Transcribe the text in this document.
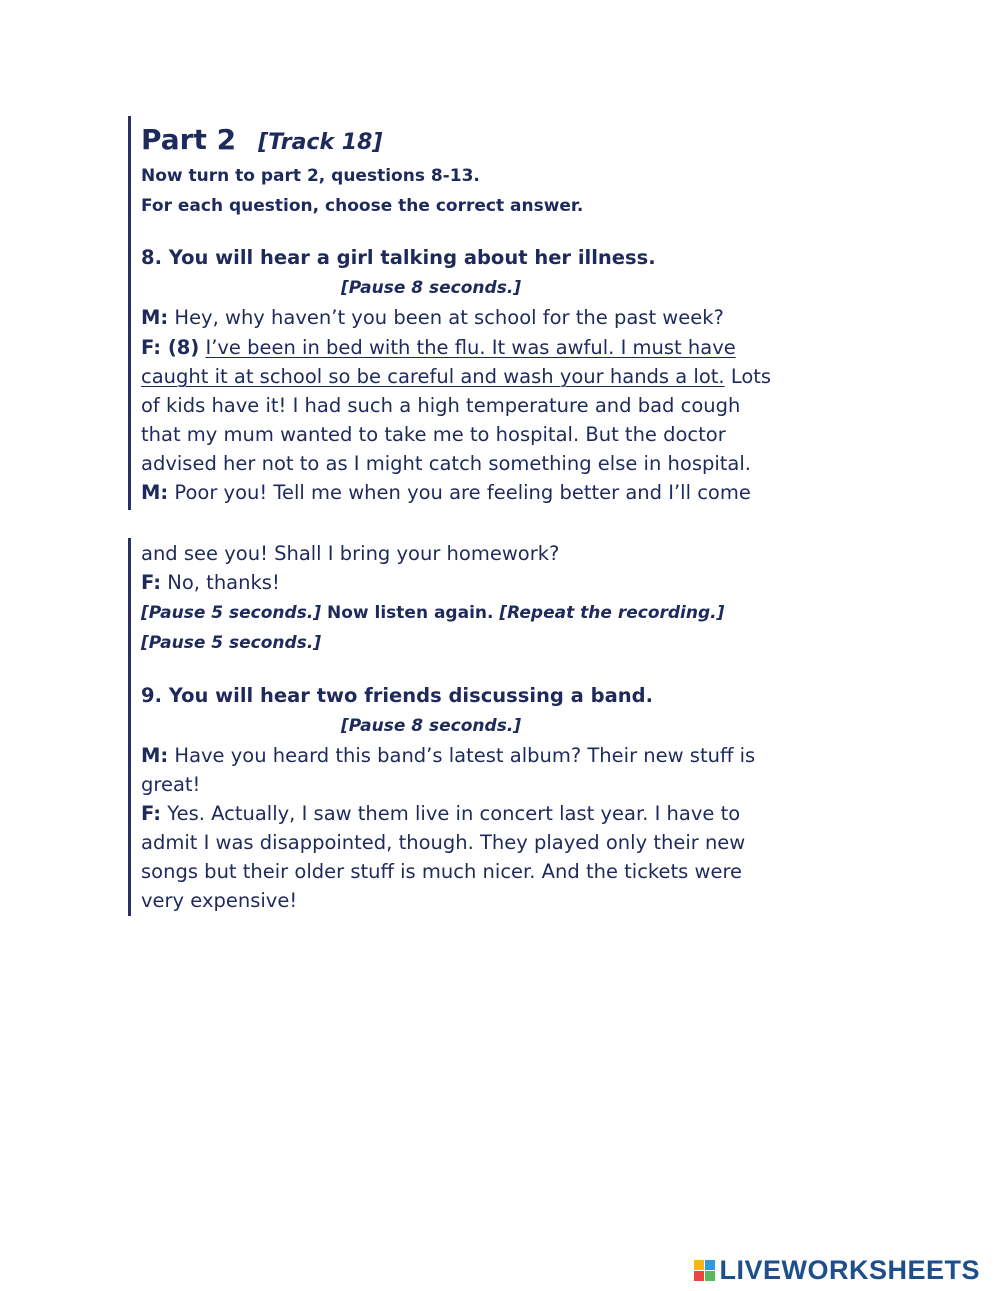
Part 2 [Track 18]
Now turn to part 2, questions 8-13.
For each question, choose the correct answer.
8. You will hear a girl talking about her illness.
[Pause 8 seconds.]
M: Hey, why haven’t you been at school for the past week?
F: (8) I’ve been in bed with the flu. It was awful. I must have
caught it at school so be careful and wash your hands a lot. Lots
of kids have it! I had such a high temperature and bad cough
that my mum wanted to take me to hospital. But the doctor
advised her not to as I might catch something else in hospital.
M: Poor you! Tell me when you are feeling better and I’ll come
and see you! Shall I bring your homework?
F: No, thanks!
[Pause 5 seconds.] Now listen again. [Repeat the recording.]
[Pause 5 seconds.]
9. You will hear two friends discussing a band.
[Pause 8 seconds.]
M: Have you heard this band’s latest album? Their new stuff is
great!
F: Yes. Actually, I saw them live in concert last year. I have to
admit I was disappointed, though. They played only their new
songs but their older stuff is much nicer. And the tickets were
very expensive!
LIVEWORKSHEETS
